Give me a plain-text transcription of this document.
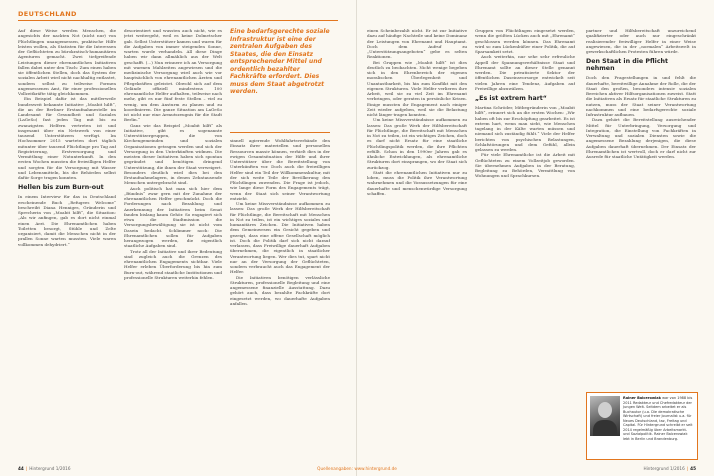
DEUTSCHLAND

Auf diese Weise werden Menschen, die angesichts der nackten Not (nicht nur) von Flüchtlingen unangemessen, praktische Hilfe leisten wollen, als Statisten für die Interessen der Geflüchteten zu bürokratisch-humanitären Agenturen gemacht. Zwei tiefgreifende Leistungen dieser ehrenamtlichen Initiativen fallen dabei unter den Tisch: Zum einen haben sie öffentlichen Stellen, doch das System der sozialen Arbeit wird nicht nachhaltig entlastet, sondern selbst zu teilweise Formen angemessenen Amt, für einer professionellen Vollzeitkräfte tätig gleichkommen.

Ein Beispiel dafür ist das mittlerweile bundesweit bekannte Initiative „Moabit hilft“, die an der Berliner Erstaufnahmestelle im Landesamt für Gesundheit und Soziales (LaGeSo) fast jeden Tag mit bis zu zwanzigsten Helfern vertreten ist und insgesamt über ein Netzwerk von einer tausend Unterstützern verfügt. Im Hochsommer 2015 warteten dort täglich mitunter über tausend Flüchtlinge pro Tag auf Registrierung, Erstversorgung und Vermittlung einer Notunterkunft. In den ersten Wochen mussten die freiwilligen Helfer und sorgten für die Versorgung mit Wasser und Lebensmitteln, bis die Behörden selbst dafür Sorge tragen konnten.

Hellen bis zum Burn-out

In einem Interview für das in Deutschland erscheinende Buch „Refugees Welcome“ beschreibt Diana Henniges, Gründerin und Sprecherin von „Moabit hilft“, die Situation: „Als wir anfingen, gab es dort nicht einmal einen Arzt. Die Ehrenamtlichen haben Toiletten besorgt, Stühle und Zelte organisiert, damit die Menschen nicht in der prallen Sonne warten mussten. Viele waren vollkommen dehydriert.“

desorientiert und wussten auch nicht, wie es jetzt weitergeht, weil es keine Dolmetscher gab. Selbst Unterstützer kamen und waren für die Aufgaben von immer steigenden Sonne, warten wurde verhandeln. All diese Dinge haben wir dann allmählich aus der Welt geschafft. (...) Nun erinnere ich an Versorgung mit warmen Mahlzeiten angewiesen und die medizinische Versorgung wird auch wie vor hauptsächlich von ehrenamtlichen Ärzten und Pflegekräften geleistet. Obwohl sich auf dem Gelände offiziell mindestens 100 ehrenamtliche Helfer aufhalten, teilweise nach mehr, gibt es nur fünf feste Stellen – viel zu wenig, um dem Ansturm zu planen und zu koordinieren. Die ganze Situation am LaGeSo ist nicht nur eine Armutszeugnis für die Stadt Berlin.“

Ganz wie das Beispiel „Moabit hilft“ als Initiative, gibt es sogenannte Unterstützergruppen, die von Kirchengemeinden und sozialen Organisationen getragen werden und sich der Versorgung in den Unterkünften widmen. Die meisten dieser Initiativen haben sich spontan gegründet und benötigen dringend Unterstützung, die ihnen der Staat verweigert. Besonders deutlich wird dies bei den Erstaufnahmelagern, in denen Zehntausende Menschen untergebracht sind.

Auch politisch hat man sich hier dem „Bündnis“ zwar gern mit der Zunahme der ehrenamtlichen Helfer geschmückt. Doch die Forderungen nach Bezahlung und Anerkennung der Initiativen beim Senat fanden bislang kaum Gehör. So engagiert sich etwa die Stadtmission die Versorgungsbewältigung sie ist nicht vom Dasein bedacht. Schlimmer noch: Die Ehrenamtlichen sollen für Aufgaben herangezogen werden, die eigentlich staatliche Aufgaben sind.

Trotz all der Initiative und ihrer Bedeutung sind zugleich auch die Grenzen des ehrenamtlichen Engagements sichtbar. Viele Helfer erleben Überforderung bis hin zum Burn-out, während staatliche Institutionen und professionelle Strukturen weiterhin fehlen.

Eine bedarfsgerechte soziale Infrastruktur ist eine der zentralen Aufgaben des Staates, die den Einsatz entsprechender Mittel und ordentlich bezahlter Fachkräfte erfordert. Dies muss dem Staat abgetrotzt werden.

sinnell agierende Wohlfahrtsverbände den Einsatz ihrer materiellen und personellen Ressourcen massiv können, verhielt dies in der ewigen Gesamtsituation der Hilfe und ihrer Unterstützer über die Bereitstellung von Unterkünften vor. Doch auch die freiwilligen Helfer sind ein Teil der Willkommenskultur, mit der sich weite Teile der Bevölkerung den Flüchtlingen zuwenden. Die Frage ist jedoch, wie lange diese Form des Engagements trägt, wenn der Staat sich seiner Verantwortung entzieht.

Um keine Missverständnisse aufkommen zu lassen: Das große Werk der Hilfsbereitschaft für Flüchtlinge, die Bereitschaft mit Menschen in Not zu teilen, ist ein wichtiges soziales und humanitäres Zeichen. Die Initiativen haben dem Gemeinwesen ein Gesicht gegeben und gezeigt, dass eine offene Gesellschaft möglich ist. Doch die Politik darf sich nicht darauf verlassen, dass Freiwillige dauerhaft Aufgaben übernehmen, die eigentlich in staatlicher Verantwortung liegen. Wer dies tut, spart nicht nur an der Versorgung der Geflüchteten, sondern verbraucht auch das Engagement der Helfer.

Die Initiativen benötigen verlässliche Strukturen, professionelle Begleitung und eine angemessene finanzielle Ausstattung. Dazu gehört auch, dass bezahlte Fachkräfte dort eingesetzt werden, wo dauerhafte Aufgaben anfallen.

44 | Hintergrund 1/2016

einen Scheinbezahlt nicht. Er ist zur Initiative dazu auf häufige Nachteile und keine Dominanz der Leistungen von Ehrenamt und Hauptamt. Doch dem Aufruf zu „Unterstützungsangeboten“ gebe es selten Reaktionen.

Bei Gruppen wie „Moabit hilft“ ist dies deutlich zu beobachten. Nicht wenige begeben sich in den Ehrenbereich der eigenen moralischen Überlegenheit und Unantastbarkeit, bis hin zum Konflikt mit den eigenen Strukturen. Viele Helfer verlieren ihre Arbeit, weil sie zu viel Zeit im Ehrenamt verbringen, oder geraten in persönliche Krisen. Einige mussten ihr Engagement nach einiger Zeit wieder aufgeben, weil sie die Belastung nicht länger tragen konnten.

Um keine Missverständnisse aufkommen zu lassen: Das große Werk der Hilfsbereitschaft für Flüchtlinge, die Bereitschaft mit Menschen in Not zu teilen, ist ein wichtiges Zeichen, doch es darf nicht Ersatz für eine staatliche Flüchtlingspolitik werden, die ihre Pflichten erfüllt. Schon in den 1990er Jahren gab es ähnliche Entwicklungen, als ehrenamtliche Strukturen dort einsprangen, wo der Staat sich zurückzog.

Statt die ehrenamtlichen Initiativen nur zu loben, muss die Politik ihre Verantwortung wahrnehmen und die Voraussetzungen für eine dauerhafte und menschenwürdige Versorgung schaffen.

Gruppen von Flüchtlingen eingesetzt werden, wenn die größten Lücken auch mit „Ehrenamt“ geschlossen werden können. Das Ehrenamt wird so zum Lückenbüßer einer Politik, die auf Sparsamkeit setzt.

Auch weiterhin, nur sehe sehr erfreuliche Appell der Spannungsverhältnisse Staat und Ehrenamt sollte an dieser Stelle genannt werden. Die privatisierte Sektor der öffentlichen Daseinsvorsorge entwickelt seit vielen Jahren eine Tendenz, Aufgaben auf Freiwillige abzuwälzen.

„Es ist extrem hart“

Martina Schröder, Mitbegründerin von „Moabit hilft“, erinnert sich an die ersten Wochen: „Wir haben oft bis zur Erschöpfung gearbeitet. Es ist extrem hart, wenn man sieht, wie Menschen tagelang in der Kälte warten müssen und niemand sich zuständig fühlt.“ Viele der Helfer berichten von psychischen Belastungen, Schlafstörungen und dem Gefühl, allein gelassen zu werden.

Für viele Ehrenamtliche ist die Arbeit mit Geflüchteten zu einem Vollzeitjob geworden. Sie übernehmen Aufgaben in der Beratung, Begleitung zu Behörden, Vermittlung von Wohnungen und Sprachkursen.

partner und Hilfsbereitschaft unzureichend qualifizierter oder auch nur eingeschränkt realisierender freiwilliger Helfer in einer Weise angewiesen, die in der „normalen“ Arbeitswelt in gewerkschaftlichen Protesten führen würde.

Den Staat in die Pflicht nehmen

Doch den Fragestellungen in und fehlt die dauerhafte, bereitwillige Annahme der Rolle, die der Staat den großen, besonders intensiv sozialen Bereichen aktiver Hilfsorganisationen zuweist. Statt die Initiativen als Ersatz für staatliche Strukturen zu nutzen, muss der Staat seiner Verantwortung nachkommen und eine bedarfsgerechte soziale Infrastruktur aufbauen.

Dazu gehört die Bereitstellung ausreichender Mittel für Unterbringung, Versorgung und Integration, die Einstellung von Fachkräften in Verwaltung und sozialen Diensten sowie die angemessene Bezahlung derjenigen, die diese Aufgaben dauerhaft übernehmen. Der Einsatz der Ehrenamtlichen ist wertvoll, doch er darf nicht zur Ausrede für staatliche Untätigkeit werden.

Rainer Balcerowiak war von 1988 bis 2011 Redakteur und Chefredakteur der Jungen Welt. Seitdem arbeitet er als Buchautor (u.a. Die demokratische Wirtschaft) und freier Journalist u.a. für Neues Deutschland, taz, Freitag und Capital. Für Hintergrund schreibt er seit 2014 regelmäßig über Arbeitsmarkt- und Sozialpolitik. Rainer Balcerowiak lebt in Berlin und Brandenburg.
Hintergrund 1/2016 | 45
Quellenangaben: www.hintergrund.de
